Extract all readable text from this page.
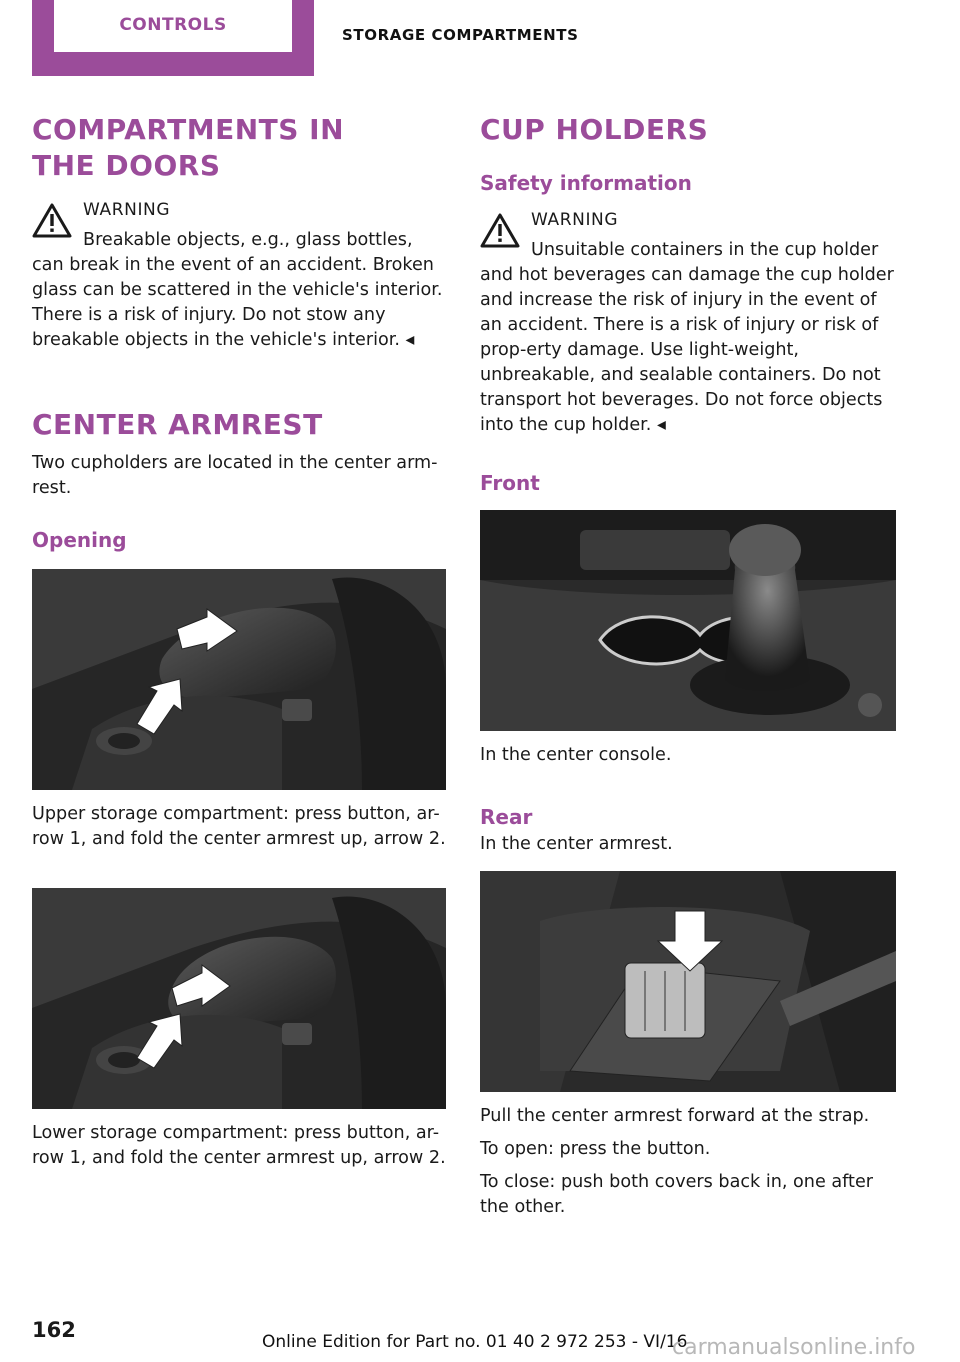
CONTROLS	STORAGE COMPARTMENTS
COMPARTMENTS IN THE DOORS
WARNING

Breakable objects, e.g., glass bottles, can break in the event of an accident. Broken glass can be scattered in the vehicle's interior. There is a risk of injury. Do not stow any breakable objects in the vehicle's interior. ◂

CENTER ARMREST

Two cupholders are located in the center arm-rest.

Opening

Upper storage compartment: press button, ar-row 1, and fold the center armrest up, arrow 2.

Lower storage compartment: press button, ar-row 1, and fold the center armrest up, arrow 2.

CUP HOLDERS
Safety information
WARNING

Unsuitable containers in the cup holder and hot beverages can damage the cup holder and increase the risk of injury in the event of an accident. There is a risk of injury or risk of prop-erty damage. Use light-weight, unbreakable, and sealable containers. Do not transport hot beverages. Do not force objects into the cup holder. ◂

Front

In the center console.

Rear

In the center armrest.

Pull the center armrest forward at the strap.

To open: press the button.

To close: push both covers back in, one after the other.

162	Online Edition for Part no. 01 40 2 972 253 - VI/16
carmanualsonline.info
